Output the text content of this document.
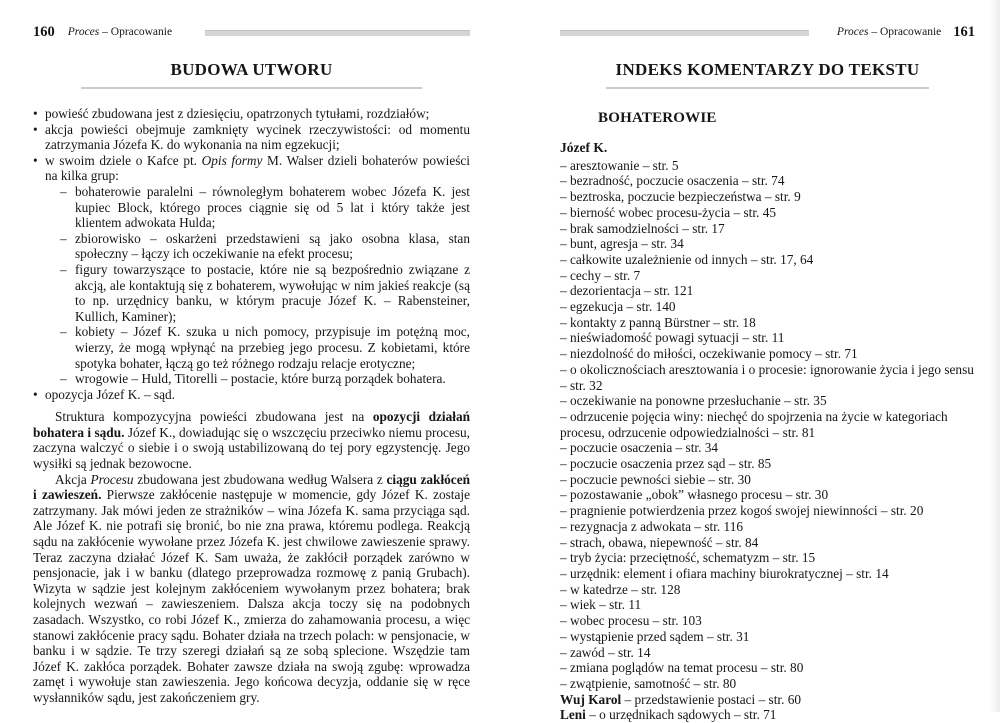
160 Proces – Opracowanie
BUDOWA UTWORU
• powieść zbudowana jest z dziesięciu, opatrzonych tytułami, rozdziałów;
• akcja powieści obejmuje zamknięty wycinek rzeczywistości: od momentu zatrzymania Józefa K. do wykonania na nim egzekucji;
• w swoim dziele o Kafce pt. Opis formy M. Walser dzieli bohaterów powieści na kilka grup:
– bohaterowie paralelni – równoległym bohaterem wobec Józefa K. jest kupiec Block, którego proces ciągnie się od 5 lat i który także jest klientem adwokata Hulda;
– zbiorowisko – oskarżeni przedstawieni są jako osobna klasa, stan społeczny – łączy ich oczekiwanie na efekt procesu;
– figury towarzyszące to postacie, które nie są bezpośrednio związane z akcją, ale kontaktują się z bohaterem, wywołując w nim jakieś reakcje (są to np. urzędnicy banku, w którym pracuje Józef K. – Rabensteiner, Kullich, Kaminer);
– kobiety – Józef K. szuka u nich pomocy, przypisuje im potężną moc, wierzy, że mogą wpłynąć na przebieg jego procesu. Z kobietami, które spotyka bohater, łączą go też różnego rodzaju relacje erotyczne;
– wrogowie – Huld, Titorelli – postacie, które burzą porządek bohatera.
• opozycja Józef K. – sąd.

Struktura kompozycyjna powieści zbudowana jest na opozycji działań bohatera i sądu. Józef K., dowiadując się o wszczęciu przeciwko niemu procesu, zaczyna walczyć o siebie i o swoją ustabilizowaną do tej pory egzystencję. Jego wysiłki są jednak bezowocne.

Akcja Procesu zbudowana jest zbudowana według Walsera z ciągu zakłóceń i zawieszeń. Pierwsze zakłócenie następuje w momencie, gdy Józef K. zostaje zatrzymany. Jak mówi jeden ze strażników – wina Józefa K. sama przyciąga sąd. Ale Józef K. nie potrafi się bronić, bo nie zna prawa, któremu podlega. Reakcją sądu na zakłócenie wywołane przez Józefa K. jest chwilowe zawieszenie sprawy. Teraz zaczyna działać Józef K. Sam uważa, że zakłócił porządek zarówno w pensjonacie, jak i w banku (dlatego przeprowadza rozmowę z panią Grubach). Wizyta w sądzie jest kolejnym zakłóceniem wywołanym przez bohatera; brak kolejnych wezwań – zawieszeniem. Dalsza akcja toczy się na podobnych zasadach. Wszystko, co robi Józef K., zmierza do zahamowania procesu, a więc stanowi zakłócenie pracy sądu. Bohater działa na trzech polach: w pensjonacie, w banku i w sądzie. Te trzy szeregi działań są ze sobą splecione. Wszędzie tam Józef K. zakłóca porządek. Bohater zawsze działa na swoją zgubę: wprowadza zamęt i wywołuje stan zawieszenia. Jego końcowa decyzja, oddanie się w ręce wysłanników sądu, jest zakończeniem gry.

Proces – Opracowanie 161
INDEKS KOMENTARZY DO TEKSTU
BOHATEROWIE
Józef K.
– aresztowanie – str. 5
– bezradność, poczucie osaczenia – str. 74
– beztroska, poczucie bezpieczeństwa – str. 9
– bierność wobec procesu-życia – str. 45
– brak samodzielności – str. 17
– bunt, agresja – str. 34
– całkowite uzależnienie od innych – str. 17, 64
– cechy – str. 7
– dezorientacja – str. 121
– egzekucja – str. 140
– kontakty z panną Bürstner – str. 18
– nieświadomość powagi sytuacji – str. 11
– niezdolność do miłości, oczekiwanie pomocy – str. 71
– o okolicznościach aresztowania i o procesie: ignorowanie życia i jego sensu – str. 32
– oczekiwanie na ponowne przesłuchanie – str. 35
– odrzucenie pojęcia winy: niechęć do spojrzenia na życie w kategoriach procesu, odrzucenie odpowiedzialności – str. 81
– poczucie osaczenia – str. 34
– poczucie osaczenia przez sąd – str. 85
– poczucie pewności siebie – str. 30
– pozostawanie „obok” własnego procesu – str. 30
– pragnienie potwierdzenia przez kogoś swojej niewinności – str. 20
– rezygnacja z adwokata – str. 116
– strach, obawa, niepewność – str. 84
– tryb życia: przeciętność, schematyzm – str. 15
– urzędnik: element i ofiara machiny biurokratycznej – str. 14
– w katedrze – str. 128
– wiek – str. 11
– wobec procesu – str. 103
– wystąpienie przed sądem – str. 31
– zawód – str. 14
– zmiana poglądów na temat procesu – str. 80
– zwątpienie, samotność – str. 80
Wuj Karol – przedstawienie postaci – str. 60
Leni – o urzędnikach sądowych – str. 71
